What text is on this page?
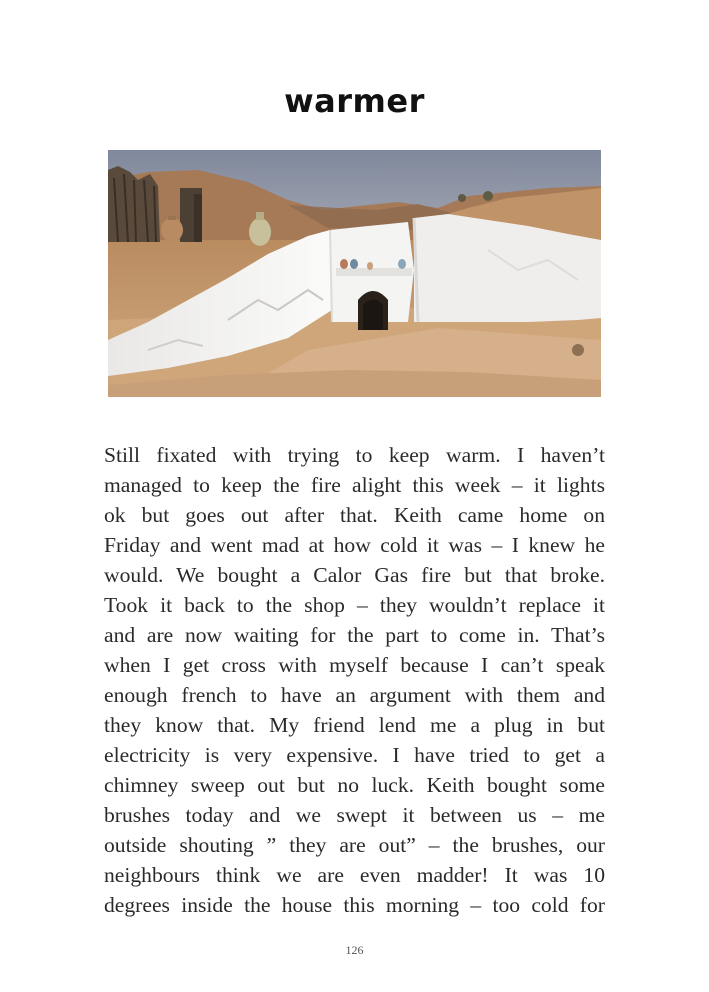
warmer
Still fixated with trying to keep warm. I haven’t
managed to keep the fire alight this week – it lights
ok but goes out after that. Keith came home on
Friday and went mad at how cold it was – I knew he
would. We bought a Calor Gas fire but that broke.
Took it back to the shop – they wouldn’t replace it
and are now waiting for the part to come in. That’s
when I get cross with myself because I can’t speak
enough french to have an argument with them and
they know that. My friend lend me a plug in but
electricity is very expensive. I have tried to get a
chimney sweep out but no luck. Keith bought some
brushes today and we swept it between us – me
outside shouting ” they are out” – the brushes, our
neighbours think we are even madder! It was 10
degrees inside the house this morning – too cold for
126
